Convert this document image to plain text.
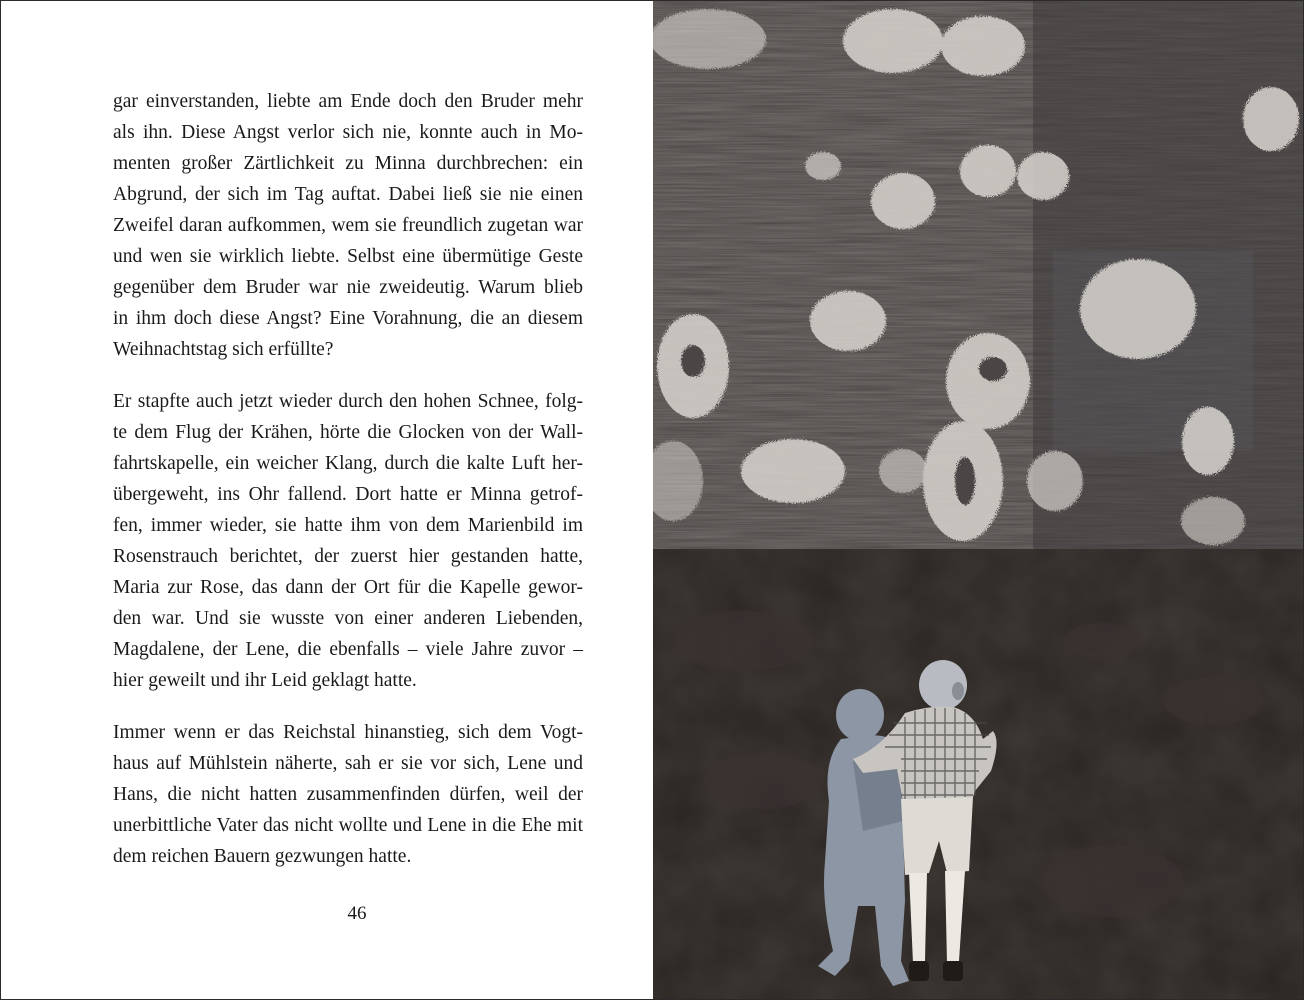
gar einverstanden, liebte am Ende doch den Bruder mehr
als ihn. Diese Angst verlor sich nie, konnte auch in Mo-
menten großer Zärtlichkeit zu Minna durchbrechen: ein
Abgrund, der sich im Tag auftat. Dabei ließ sie nie einen
Zweifel daran aufkommen, wem sie freundlich zugetan war
und wen sie wirklich liebte. Selbst eine übermütige Geste
gegenüber dem Bruder war nie zweideutig. Warum blieb
in ihm doch diese Angst? Eine Vorahnung, die an diesem
Weihnachtstag sich erfüllte?
Er stapfte auch jetzt wieder durch den hohen Schnee, folg-
te dem Flug der Krähen, hörte die Glocken von der Wall-
fahrtskapelle, ein weicher Klang, durch die kalte Luft her-
übergeweht, ins Ohr fallend. Dort hatte er Minna getrof-
fen, immer wieder, sie hatte ihm von dem Marienbild im
Rosenstrauch berichtet, der zuerst hier gestanden hatte,
Maria zur Rose, das dann der Ort für die Kapelle gewor-
den war. Und sie wusste von einer anderen Liebenden,
Magdalene, der Lene, die ebenfalls – viele Jahre zuvor –
hier geweilt und ihr Leid geklagt hatte.
Immer wenn er das Reichstal hinanstieg, sich dem Vogt-
haus auf Mühlstein näherte, sah er sie vor sich, Lene und
Hans, die nicht hatten zusammenfinden dürfen, weil der
unerbittliche Vater das nicht wollte und Lene in die Ehe mit
dem reichen Bauern gezwungen hatte.
46
